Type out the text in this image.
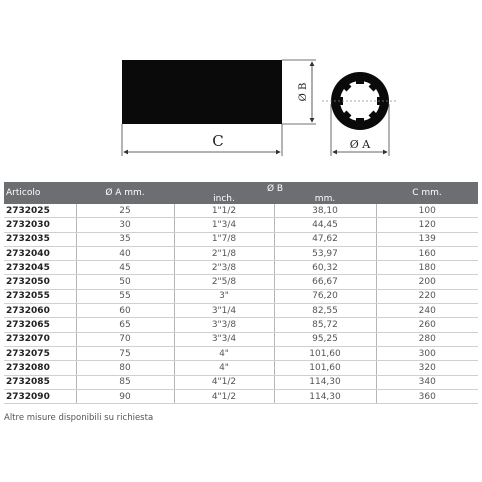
C
Ø B
Ø A
Articolo	Ø A mm.	Ø B		C mm.
		inch.	mm.	
2732025	25	1"1/2	38,10	100
2732030	30	1"3/4	44,45	120
2732035	35	1"7/8	47,62	139
2732040	40	2"1/8	53,97	160
2732045	45	2"3/8	60,32	180
2732050	50	2"5/8	66,67	200
2732055	55	3"	76,20	220
2732060	60	3"1/4	82,55	240
2732065	65	3"3/8	85,72	260
2732070	70	3"3/4	95,25	280
2732075	75	4"	101,60	300
2732080	80	4"	101,60	320
2732085	85	4"1/2	114,30	340
2732090	90	4"1/2	114,30	360
Altre misure disponibili su richiesta
